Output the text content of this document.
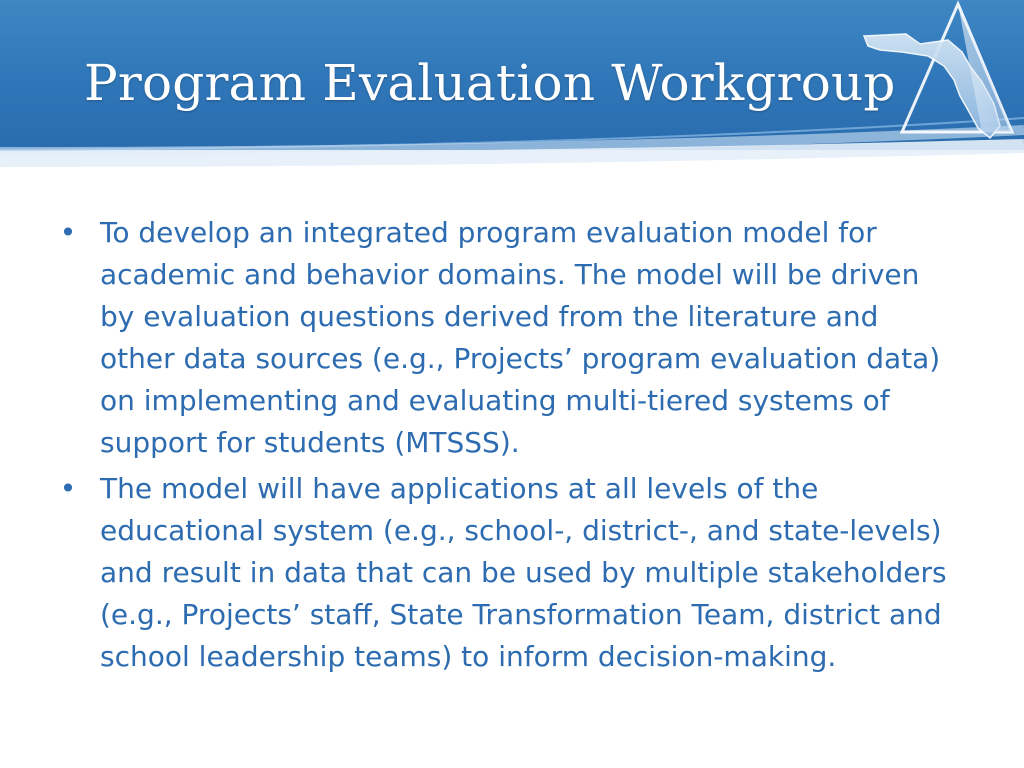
Program Evaluation Workgroup
• To develop an integrated program evaluation model for academic and behavior domains. The model will be driven by evaluation questions derived from the literature and other data sources (e.g., Projects’ program evaluation data) on implementing and evaluating multi-tiered systems of support for students (MTSSS).
• The model will have applications at all levels of the educational system (e.g., school-, district-, and state-levels) and result in data that can be used by multiple stakeholders (e.g., Projects’ staff, State Transformation Team, district and school leadership teams) to inform decision-making.
